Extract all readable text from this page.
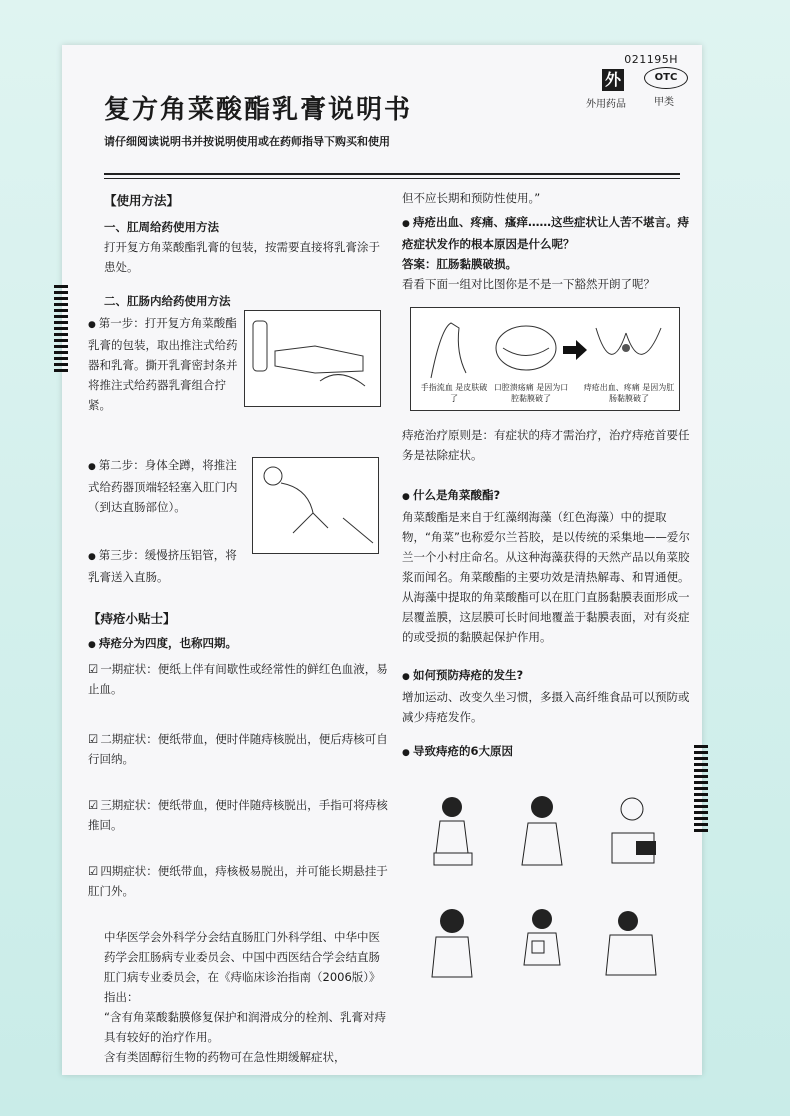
021195H
外
外用药品
OTC
甲类
复方角菜酸酯乳膏说明书
请仔细阅读说明书并按说明使用或在药师指导下购买和使用
【使用方法】
一、肛周给药使用方法

打开复方角菜酸酯乳膏的包装，按需要直接将乳膏涂于患处。

二、肛肠内给药使用方法

● 第一步：打开复方角菜酸酯乳膏的包装，取出推注式给药器和乳膏。撕开乳膏密封条并将推注式给药器乳膏组合拧紧。

● 第二步：身体全蹲，将推注式给药器顶端轻轻塞入肛门内（到达直肠部位）。

● 第三步：缓慢挤压铝管，将乳膏送入直肠。

【痔疮小贴士】

● 痔疮分为四度，也称四期。

☑ 一期症状：便纸上伴有间歇性或经常性的鲜红色血液，易止血。

☑ 二期症状：便纸带血，便时伴随痔核脱出，便后痔核可自行回纳。

☑ 三期症状：便纸带血，便时伴随痔核脱出，手指可将痔核推回。

☑ 四期症状：便纸带血，痔核极易脱出，并可能长期悬挂于肛门外。

中华医学会外科学分会结直肠肛门外科学组、中华中医药学会肛肠病专业委员会、中国中西医结合学会结直肠肛门病专业委员会，在《痔临床诊治指南（2006版）》指出：

“含有角菜酸黏膜修复保护和润滑成分的栓剂、乳膏对痔具有较好的治疗作用。

含有类固醇衍生物的药物可在急性期缓解症状，

但不应长期和预防性使用。”

● 痔疮出血、疼痛、瘙痒……这些症状让人苦不堪言。痔疮症状发作的根本原因是什么呢？

答案：肛肠黏膜破损。

看看下面一组对比图你是不是一下豁然开朗了呢？

手指流血 是皮肤破了
口腔溃疡痛 是因为口腔黏膜破了
痔疮出血、疼痛 是因为肛肠黏膜破了

痔疮治疗原则是：有症状的痔才需治疗，治疗痔疮首要任务是祛除症状。

● 什么是角菜酸酯?

角菜酸酯是来自于红藻纲海藻（红色海藻）中的提取物，“角菜”也称爱尔兰苔胶，是以传统的采集地——爱尔兰一个小村庄命名。从这种海藻获得的天然产品以角菜胶浆而闻名。角菜酸酯的主要功效是清热解毒、和胃通便。从海藻中提取的角菜酸酯可以在肛门直肠黏膜表面形成一层覆盖膜，这层膜可长时间地覆盖于黏膜表面，对有炎症的或受损的黏膜起保护作用。

● 如何预防痔疮的发生?

增加运动、改变久坐习惯，多摄入高纤维食品可以预防或减少痔疮发作。

● 导致痔疮的6大原因
